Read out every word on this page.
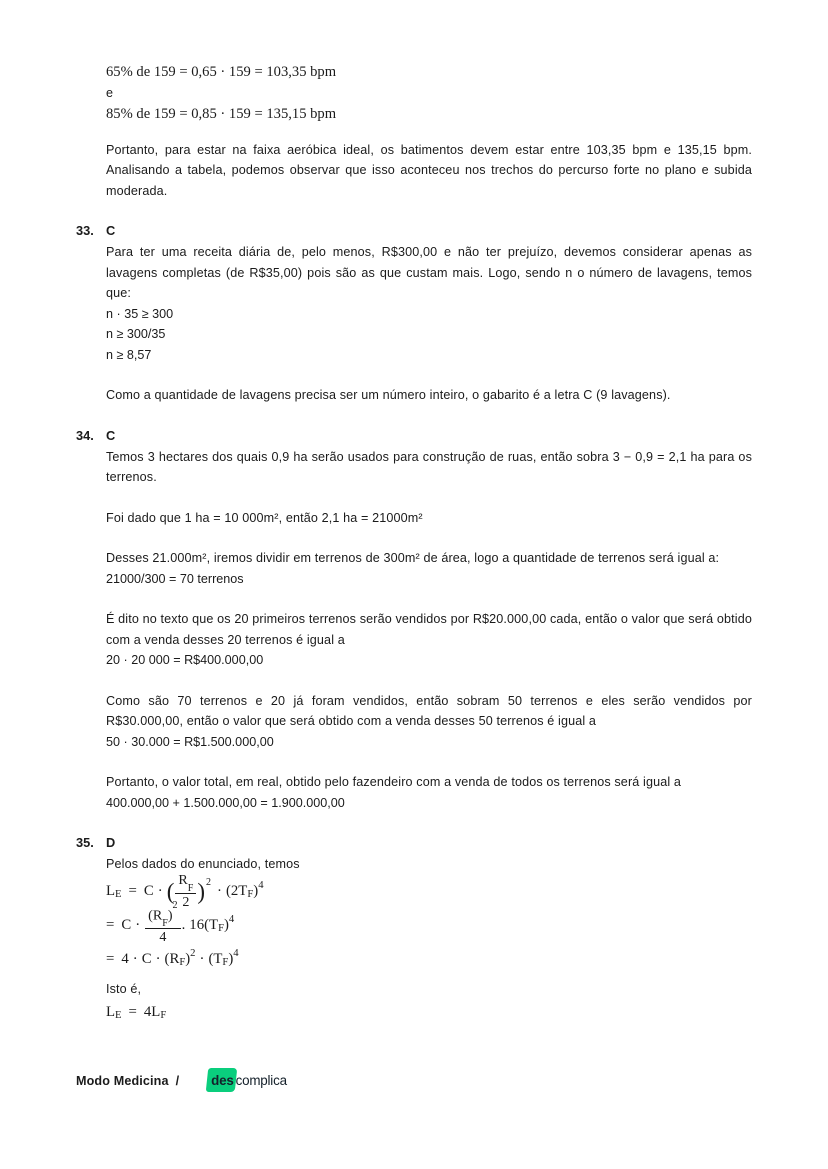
65% de 159 = 0,65 · 159 = 103,35 bpm
e
85% de 159 = 0,85 · 159 = 135,15 bpm

Portanto, para estar na faixa aeróbica ideal, os batimentos devem estar entre 103,35 bpm e 135,15 bpm. Analisando a tabela, podemos observar que isso aconteceu nos trechos do percurso forte no plano e subida moderada.

33. C

Para ter uma receita diária de, pelo menos, R$300,00 e não ter prejuízo, devemos considerar apenas as lavagens completas (de R$35,00) pois são as que custam mais. Logo, sendo n o número de lavagens, temos que:

n · 35 ≥ 300
n ≥ 300/35
n ≥ 8,57

Como a quantidade de lavagens precisa ser um número inteiro, o gabarito é a letra C (9 lavagens).

34. C

Temos 3 hectares dos quais 0,9 ha serão usados para construção de ruas, então sobra 3 − 0,9 = 2,1 ha para os terrenos.

Foi dado que 1 ha = 10 000m², então 2,1 ha = 21000m²

Desses 21.000m², iremos dividir em terrenos de 300m² de área, logo a quantidade de terrenos será igual a:

21000/300 = 70 terrenos

É dito no texto que os 20 primeiros terrenos serão vendidos por R$20.000,00 cada, então o valor que será obtido com a venda desses 20 terrenos é igual a

20 · 20 000 = R$400.000,00

Como são 70 terrenos e 20 já foram vendidos, então sobram 50 terrenos e eles serão vendidos por R$30.000,00, então o valor que será obtido com a venda desses 50 terrenos é igual a

50 · 30.000 = R$1.500.000,00

Portanto, o valor total, em real, obtido pelo fazendeiro com a venda de todos os terrenos será igual a

400.000,00 + 1.500.000,00 = 1.900.000,00
35. D

Pelos dados do enunciado, temos

L E = C · ( $\frac{R_F}{2}$ ) 2
· ( 2T F ) 4
= $C \cdot \frac{(R_F)^2}{4}$ . 16(T F ) 4
= 4 · C · (R F ) 2 · (T F ) 4

Isto é,

L E = 4L F
Modo Medicina / des complica
